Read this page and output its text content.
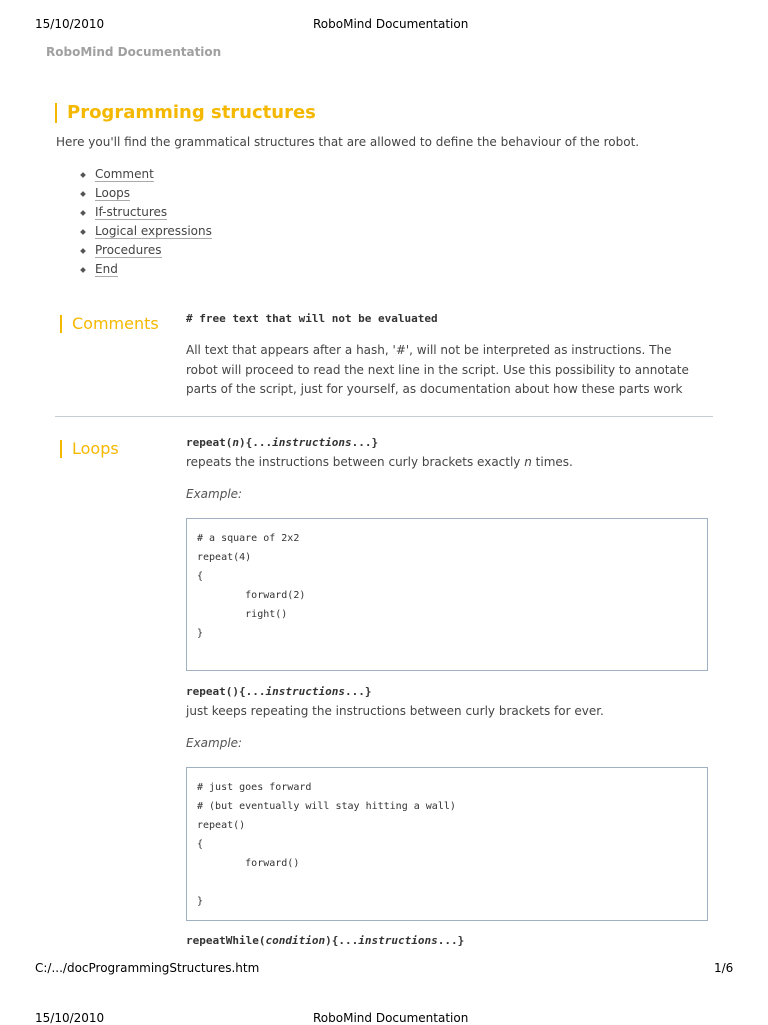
15/10/2010	RoboMind Documentation
RoboMind Documentation
Programming structures
Here you'll find the grammatical structures that are allowed to define the behaviour of the robot.
Comment
Loops
If-structures
Logical expressions
Procedures
End
Comments # free text that will not be evaluated
All text that appears after a hash, '#', will not be interpreted as instructions. The robot will proceed to read the next line in the script. Use this possibility to annotate parts of the script, just for yourself, as documentation about how these parts work
Loops	repeat(n){...instructions...}
repeats the instructions between curly brackets exactly n times.
Example:
# a square of 2x2
repeat(4)
{
forward(2)
right()
}
repeat(){...instructions...}
just keeps repeating the instructions between curly brackets for ever.
Example:
# just goes forward
# (but eventually will stay hitting a wall)
repeat()
{
forward()
}
repeatWhile(condition){...instructions...}
C:/.../docProgrammingStructures.htm	1/6
15/10/2010	RoboMind Documentation
